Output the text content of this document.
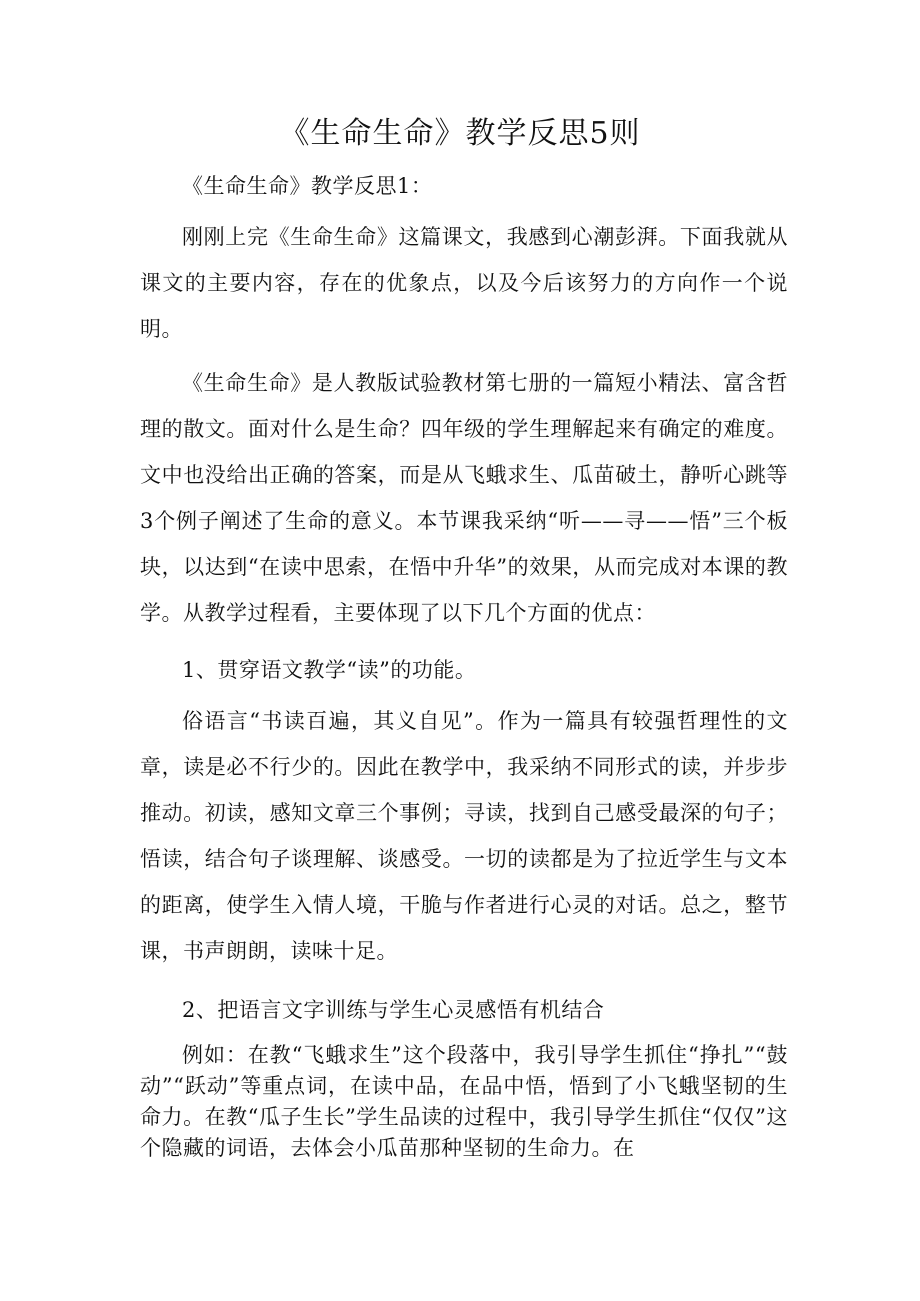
《生命生命》教学反思5则

《生命生命》教学反思1：

刚刚上完《生命生命》这篇课文，我感到心潮彭湃。下面我就从课文的主要内容，存在的优象点，以及今后该努力的方向作一个说明。

《生命生命》是人教版试验教材第七册的一篇短小精法、富含哲理的散文。面对什么是生命？四年级的学生理解起来有确定的难度。文中也没给出正确的答案，而是从飞蛾求生、瓜苗破土，静听心跳等3个例子阐述了生命的意义。本节课我采纳“听——寻——悟”三个板块，以达到“在读中思索，在悟中升华”的效果，从而完成对本课的教学。从教学过程看，主要体现了以下几个方面的优点：

1、贯穿语文教学“读”的功能。

俗语言“书读百遍，其义自见”。作为一篇具有较强哲理性的文章，读是必不行少的。因此在教学中，我采纳不同形式的读，并步步推动。初读，感知文章三个事例；寻读，找到自己感受最深的句子；悟读，结合句子谈理解、谈感受。一切的读都是为了拉近学生与文本的距离，使学生入情人境，干脆与作者进行心灵的对话。总之，整节课，书声朗朗，读味十足。

2、把语言文字训练与学生心灵感悟有机结合

例如：在教“飞蛾求生”这个段落中，我引导学生抓住“挣扎”“鼓动”“跃动”等重点词，在读中品，在品中悟，悟到了小飞蛾坚韧的生命力。在教“瓜子生长”学生品读的过程中，我引导学生抓住“仅仅”这个隐藏的词语，去体会小瓜苗那种坚韧的生命力。在
